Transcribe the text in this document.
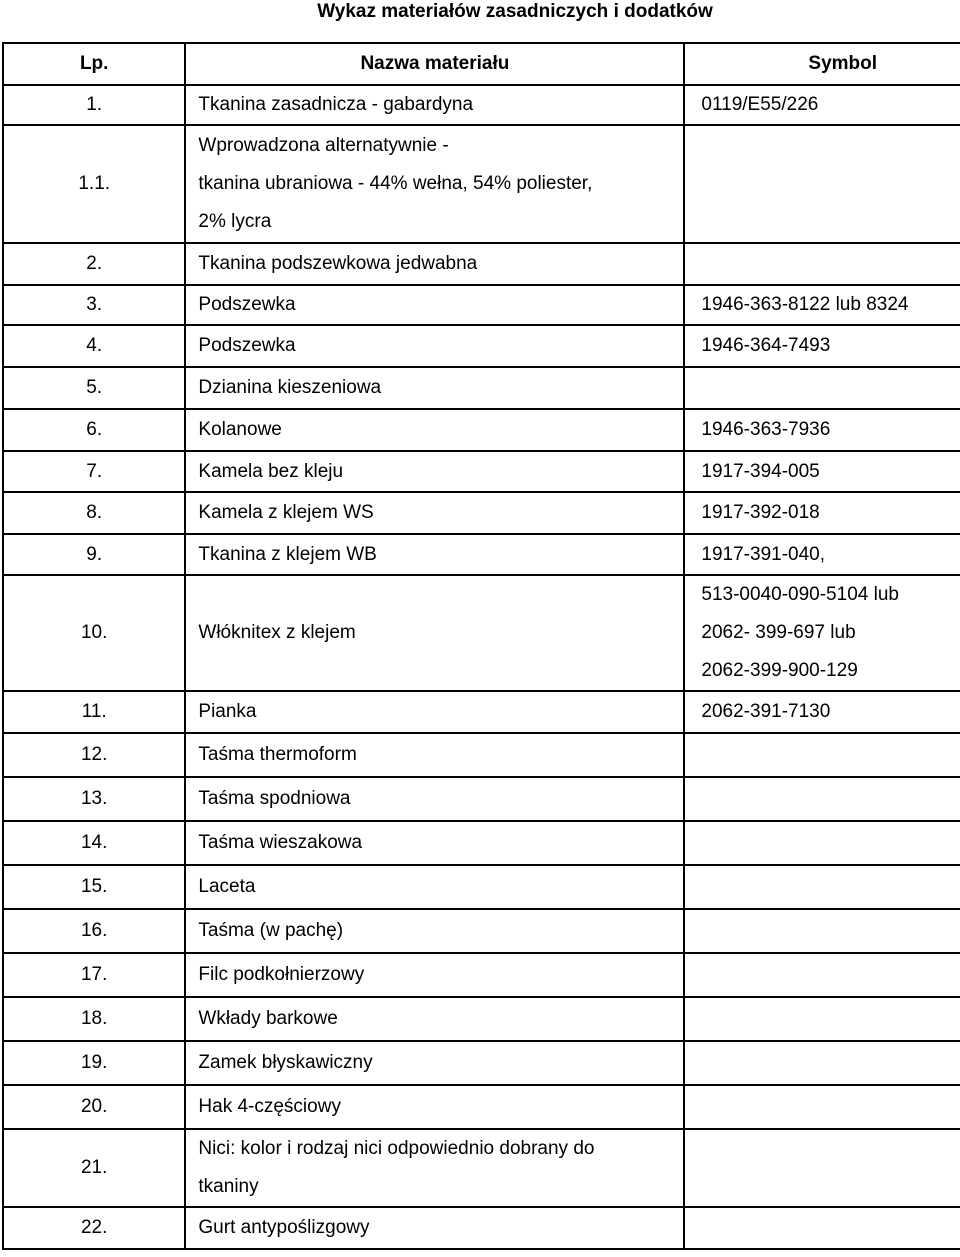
Wykaz materiałów zasadniczych i dodatków
Lp.	Nazwa materiału	Symbol
1.	Tkanina zasadnicza - gabardyna	0119/E55/226

1.1.	Wprowadzona alternatywnie -
tkanina ubraniowa - 44% wełna, 54% poliester,
2% lycra	

2.	Tkanina podszewkowa jedwabna	

3.	Podszewka	1946-363-8122 lub 8324

4.	Podszewka	1946-364-7493

5.	Dzianina kieszeniowa	

6.	Kolanowe	1946-363-7936

7.	Kamela bez kleju	1917-394-005

8.	Kamela z klejem WS	1917-392-018

9.	Tkanina z klejem WB	1917-391-040,

10.	Włóknitex z klejem	513-0040-090-5104 lub
2062- 399-697 lub
2062-399-900-129

11.	Pianka	2062-391-7130

12.	Taśma thermoform	

13.	Taśma spodniowa	

14.	Taśma wieszakowa	

15.	Laceta	

16.	Taśma (w pachę)	

17.	Filc podkołnierzowy	

18.	Wkłady barkowe	

19.	Zamek błyskawiczny	

20.	Hak 4-częściowy	

21.	Nici: kolor i rodzaj nici odpowiednio dobrany do
tkaniny	

22.	Gurt antypoślizgowy	
